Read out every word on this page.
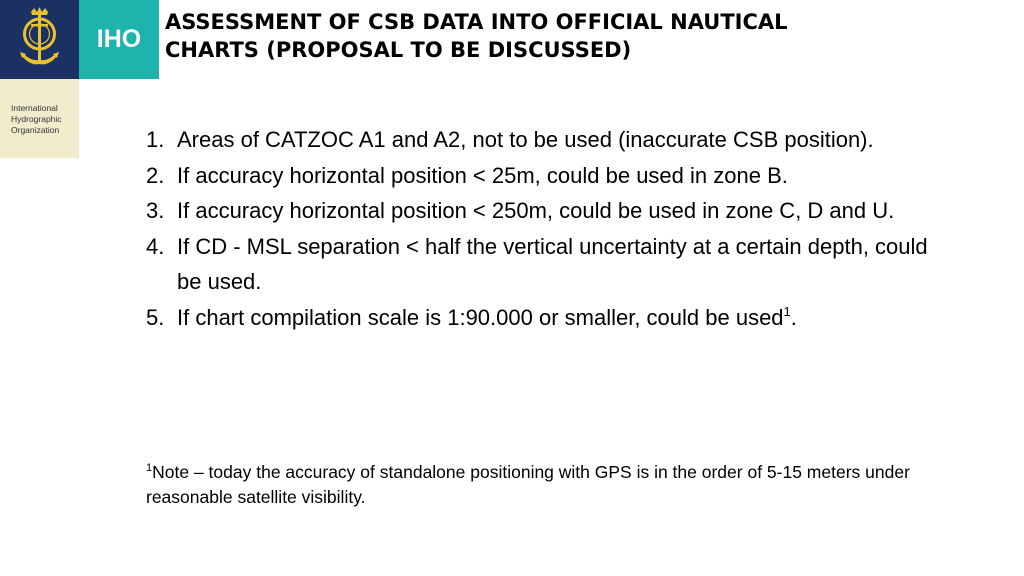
IHO
International
Hydrographic
Organization
ASSESSMENT OF CSB DATA INTO OFFICIAL NAUTICAL
CHARTS (PROPOSAL TO BE DISCUSSED)
1. Areas of CATZOC A1 and A2, not to be used (inaccurate CSB position).
2. If accuracy horizontal position < 25m, could be used in zone B.
3. If accuracy horizontal position < 250m, could be used in zone C, D and U.
4. If CD - MSL separation < half the vertical uncertainty at a certain depth, could be used.
5. If chart compilation scale is 1:90.000 or smaller, could be used$^1$.
$^1$Note – today the accuracy of standalone positioning with GPS is in the order of 5-15 meters under reasonable satellite visibility.
